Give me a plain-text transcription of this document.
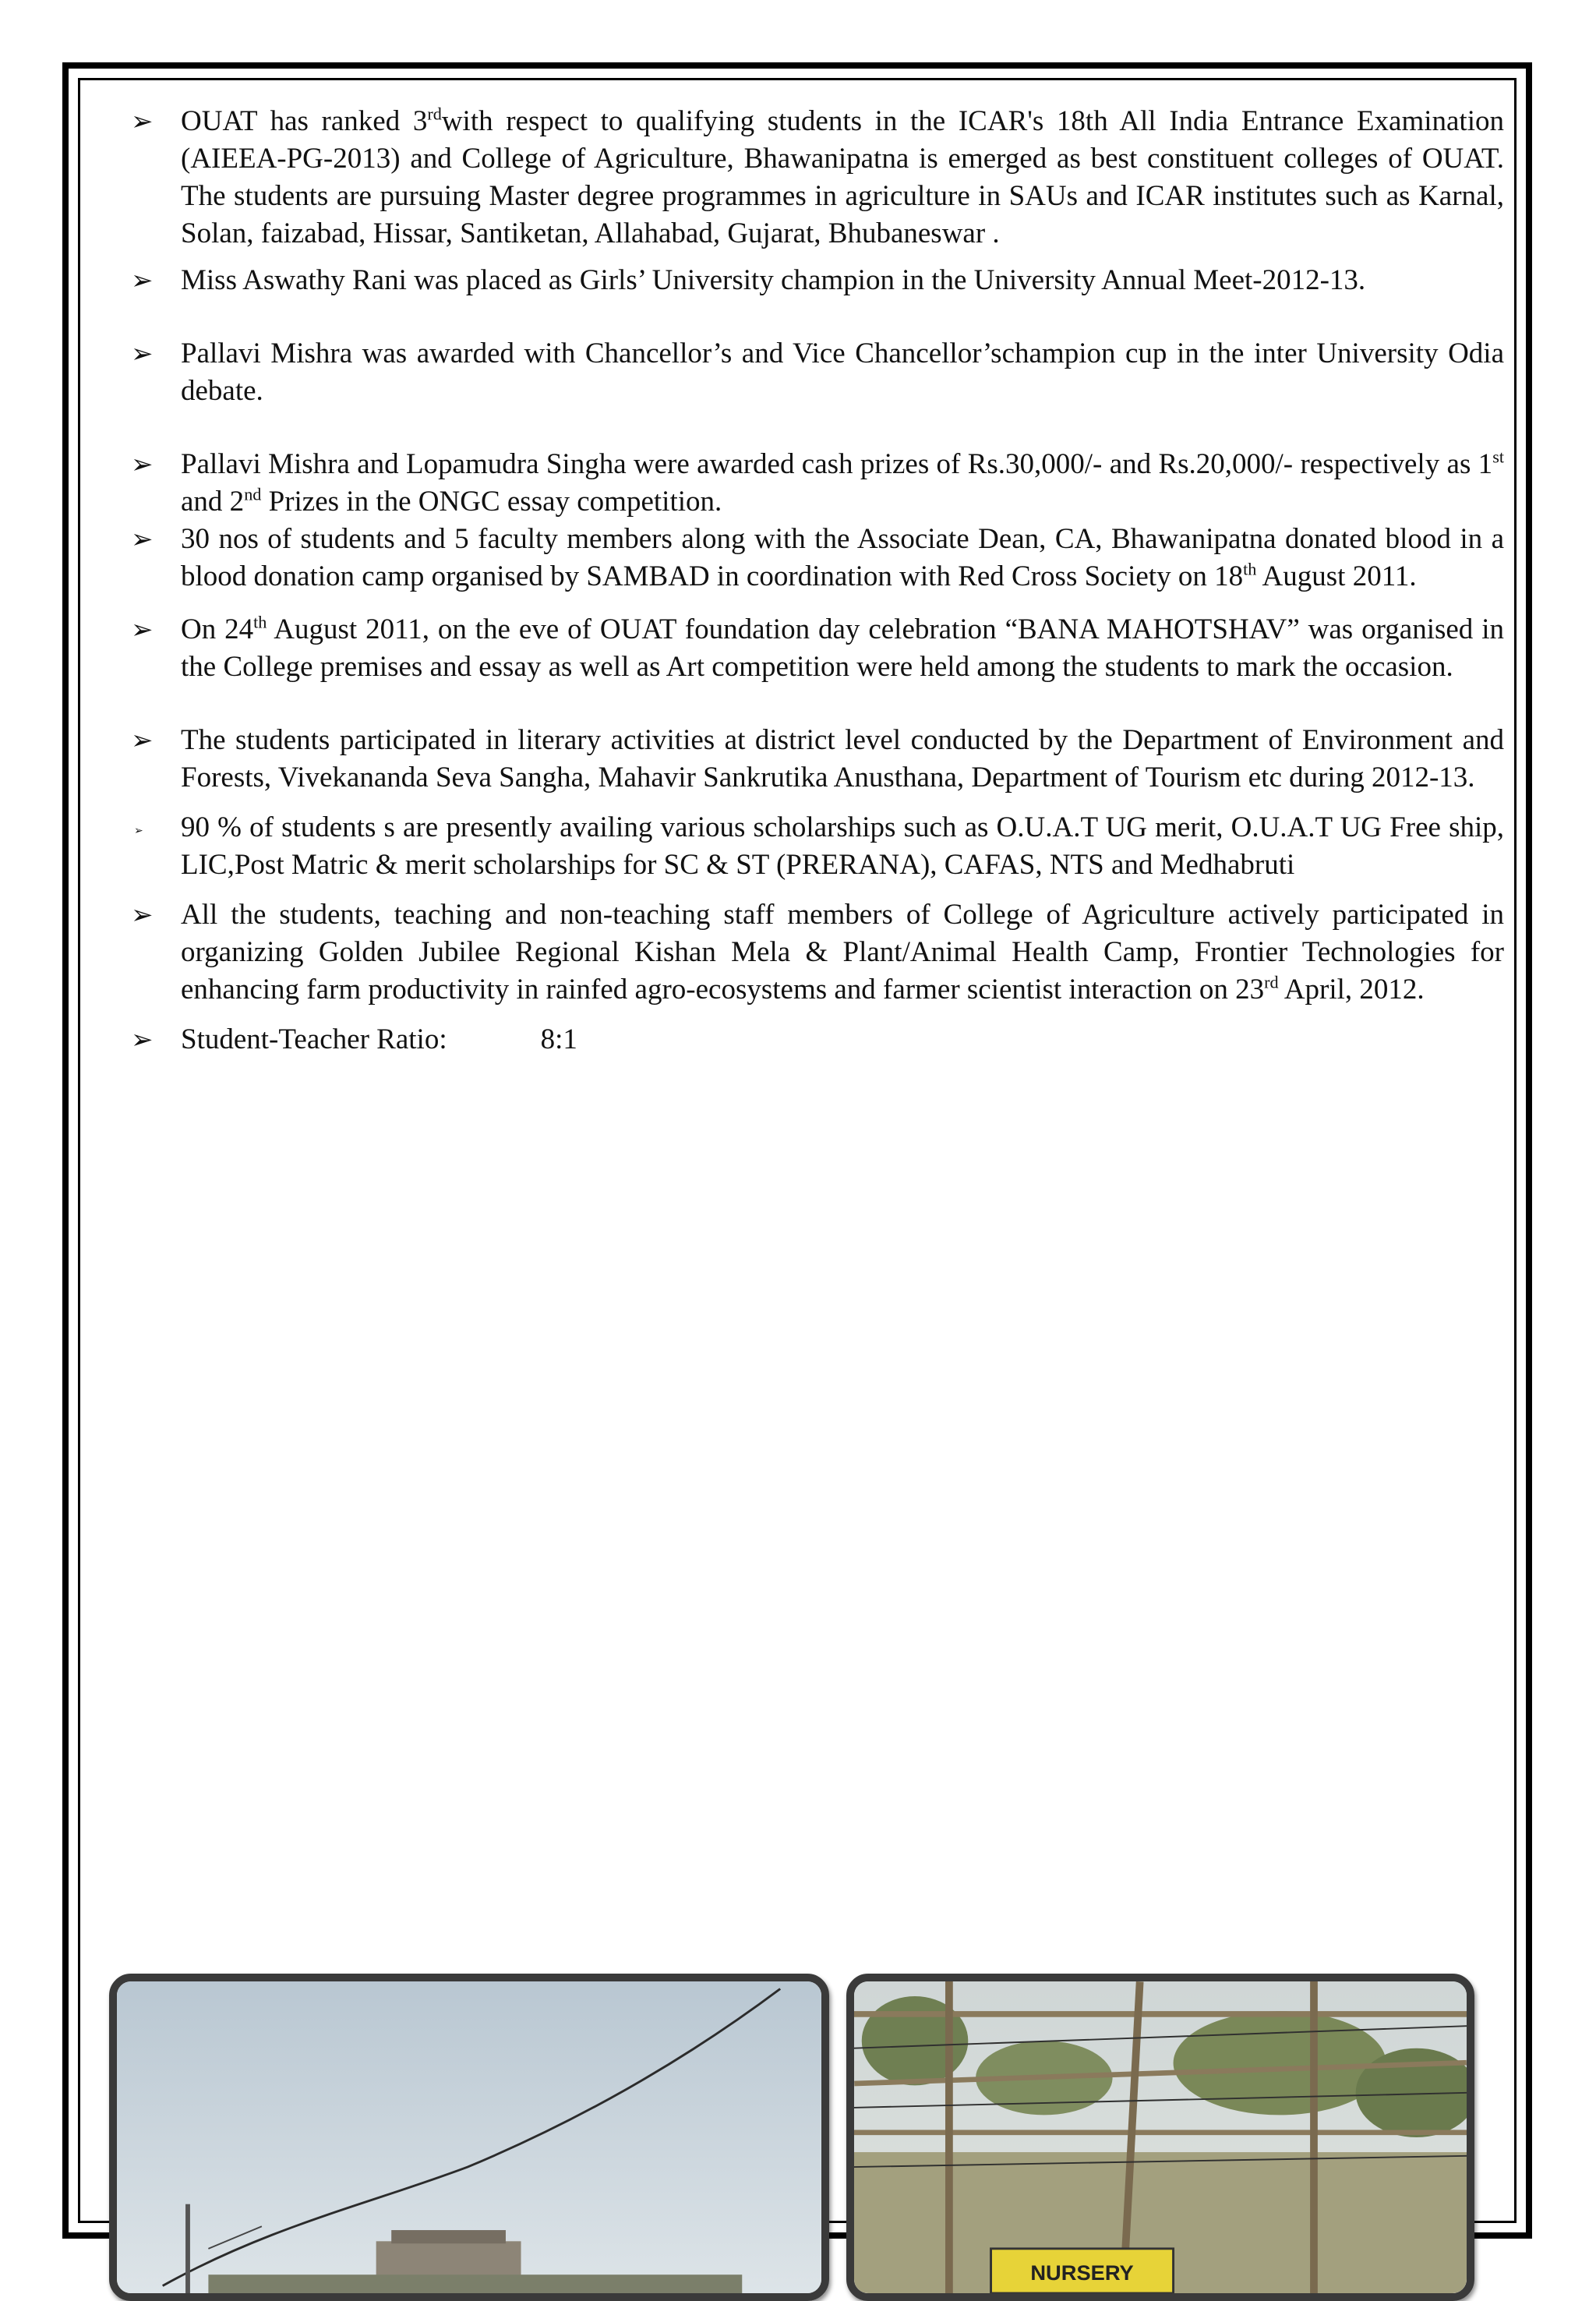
➢ OUAT has ranked 3rdwith respect to qualifying students in the ICAR's 18th All India Entrance Examination (AIEEA-PG-2013) and College of Agriculture, Bhawanipatna is emerged as best constituent colleges of OUAT. The students are pursuing Master degree programmes in agriculture in SAUs and ICAR institutes such as Karnal, Solan, faizabad, Hissar, Santiketan, Allahabad, Gujarat, Bhubaneswar .
➢ Miss Aswathy Rani was placed as Girls’ University champion in the University Annual Meet-2012-13.
➢ Pallavi Mishra was awarded with Chancellor’s and Vice Chancellor’schampion cup in the inter University Odia debate.
➢ Pallavi Mishra and Lopamudra Singha were awarded cash prizes of Rs.30,000/- and Rs.20,000/- respectively as 1st and 2nd Prizes in the ONGC essay competition.
➢ 30 nos of students and 5 faculty members along with the Associate Dean, CA, Bhawanipatna donated blood in a blood donation camp organised by SAMBAD in coordination with Red Cross Society on 18th August 2011.
➢ On 24th August 2011, on the eve of OUAT foundation day celebration “BANA MAHOTSHAV” was organised in the College premises and essay as well as Art competition were held among the students to mark the occasion.
➢ The students participated in literary activities at district level conducted by the Department of Environment and Forests, Vivekananda Seva Sangha, Mahavir Sankrutika Anusthana, Department of Tourism etc during 2012-13.
➢ 90 % of students s are presently availing various scholarships such as O.U.A.T UG merit, O.U.A.T UG Free ship, LIC,Post Matric & merit scholarships for SC & ST (PRERANA), CAFAS, NTS and Medhabruti
➢ All the students, teaching and non-teaching staff members of College of Agriculture actively participated in organizing Golden Jubilee Regional Kishan Mela & Plant/Animal Health Camp, Frontier Technologies for enhancing farm productivity in rainfed agro-ecosystems and farmer scientist interaction on 23rd April, 2012.
➢ Student-Teacher Ratio:	8:1
NURSERY
